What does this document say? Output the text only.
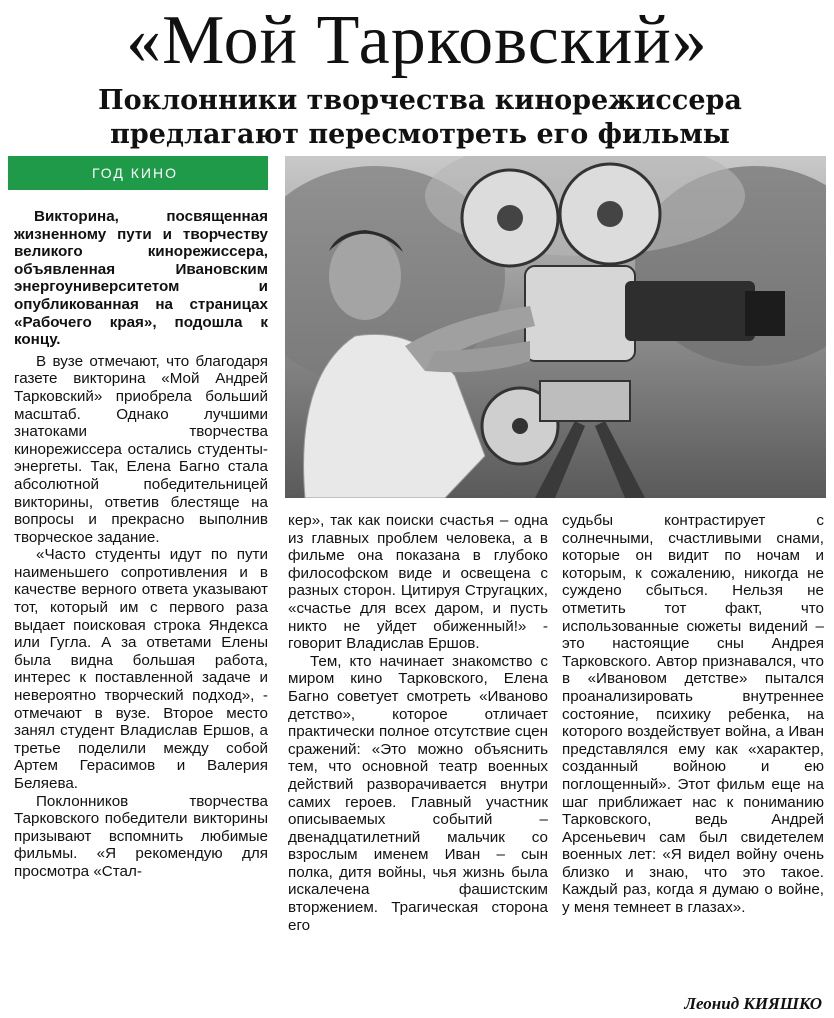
«Мой Тарковский»
Поклонники творчества кинорежиссера предлагают пересмотреть его фильмы
ГОД КИНО
Викторина, посвященная жизненному пути и творчеству великого кинорежиссера, объявленная Ивановским энергоуниверситетом и опубликованная на страницах «Рабочего края», подошла к концу.

В вузе отмечают, что благодаря газете викторина «Мой Андрей Тарковский» приобрела больший масштаб. Однако лучшими знатоками творчества кинорежиссера остались студенты-энергеты. Так, Елена Багно стала абсолютной победительницей викторины, ответив блестяще на вопросы и прекрасно выполнив творческое задание.

«Часто студенты идут по пути наименьшего сопротивления и в качестве верного ответа указывают тот, который им с первого раза выдает поисковая строка Яндекса или Гугла. А за ответами Елены была видна большая работа, интерес к поставленной задаче и невероятно творческий подход», - отмечают в вузе. Второе место занял студент Владислав Ершов, а третье поделили между собой Артем Герасимов и Валерия Беляева.

Поклонников творчества Тарковского победители викторины призывают вспомнить любимые фильмы. «Я рекомендую для просмотра «Стал-

кер», так как поиски счастья – одна из главных проблем человека, а в фильме она показана в глубоко философском виде и освещена с разных сторон. Цитируя Стругацких, «счастье для всех даром, и пусть никто не уйдет обиженный!» - говорит Владислав Ершов.

Тем, кто начинает знакомство с миром кино Тарковского, Елена Багно советует смотреть «Иваново детство», которое отличает практически полное отсутствие сцен сражений: «Это можно объяснить тем, что основной театр военных действий разворачивается внутри самих героев. Главный участник описываемых событий – двенадцатилетний мальчик со взрослым именем Иван – сын полка, дитя войны, чья жизнь была искалечена фашистским вторжением. Трагическая сторона его

судьбы контрастирует с солнечными, счастливыми снами, которые он видит по ночам и которым, к сожалению, никогда не суждено сбыться. Нельзя не отметить тот факт, что использованные сюжеты видений – это настоящие сны Андрея Тарковского. Автор признавался, что в «Ивановом детстве» пытался проанализировать внутреннее состояние, психику ребенка, на которого воздействует война, а Иван представлялся ему как «характер, созданный войною и ею поглощенный». Этот фильм еще на шаг приближает нас к пониманию Тарковского, ведь Андрей Арсеньевич сам был свидетелем военных лет: «Я видел войну очень близко и знаю, что это такое. Каждый раз, когда я думаю о войне, у меня темнеет в глазах».

Леонид КИЯШКО
